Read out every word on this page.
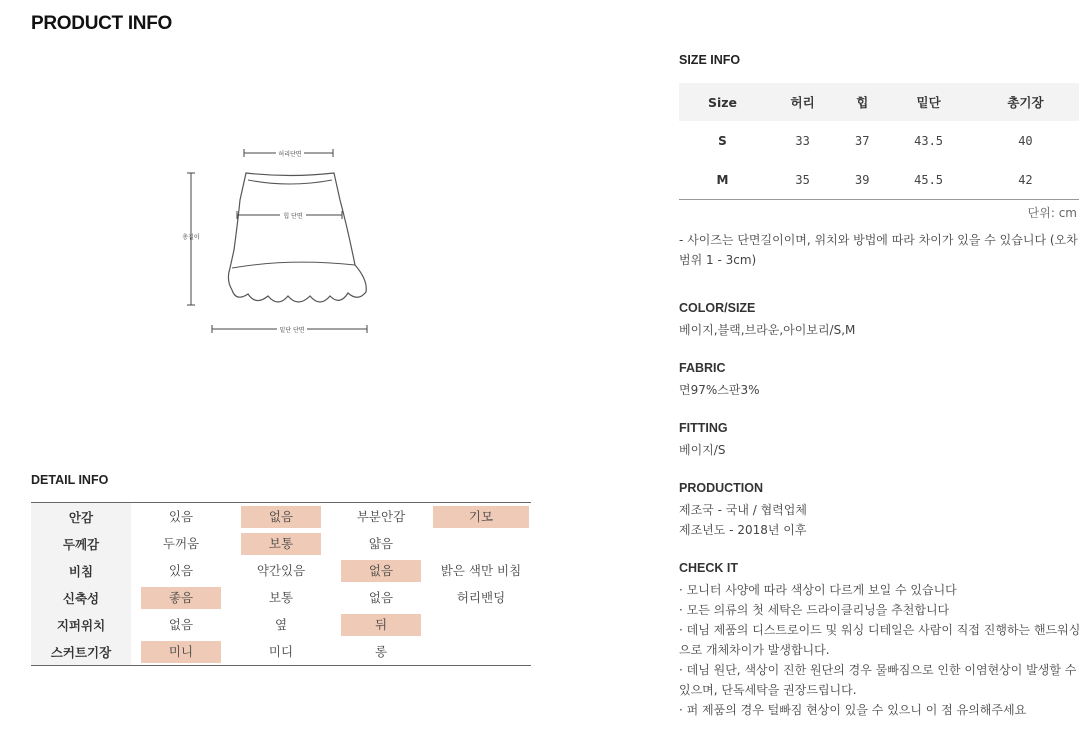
PRODUCT INFO
허리단면
총길이
힙 단면
밑단 단면
DETAIL INFO
안감	있음	없음	부분안감	기모
두께감	두꺼움	보통	얇음
비침	있음	약간있음	없음	밝은 색만 비침
신축성	좋음	보통	없음	허리밴딩
지퍼위치	없음	옆	뒤
스커트기장	미니	미디	롱
SIZE INFO
Size	허리	힙	밑단	총기장
S	33	37	43.5	40
M	35	39	45.5	42
단위: cm
- 사이즈는 단면길이이며, 위치와 방법에 따라 차이가 있을 수 있습니다 (오차범위 1 - 3cm)
COLOR/SIZE
베이지,블랙,브라운,아이보리/S,M
FABRIC
면97%스판3%
FITTING
베이지/S
PRODUCTION
제조국 - 국내 / 협력업체
제조년도 - 2018년 이후
CHECK IT
· 모니터 사양에 따라 색상이 다르게 보일 수 있습니다
· 모든 의류의 첫 세탁은 드라이클리닝을 추천합니다
· 데님 제품의 디스트로이드 및 워싱 디테일은 사람이 직접 진행하는 핸드워싱으로 개체차이가 발생합니다.
· 데님 원단, 색상이 진한 원단의 경우 물빠짐으로 인한 이염현상이 발생할 수 있으며, 단독세탁을 권장드립니다.
· 퍼 제품의 경우 털빠짐 현상이 있을 수 있으니 이 점 유의해주세요
